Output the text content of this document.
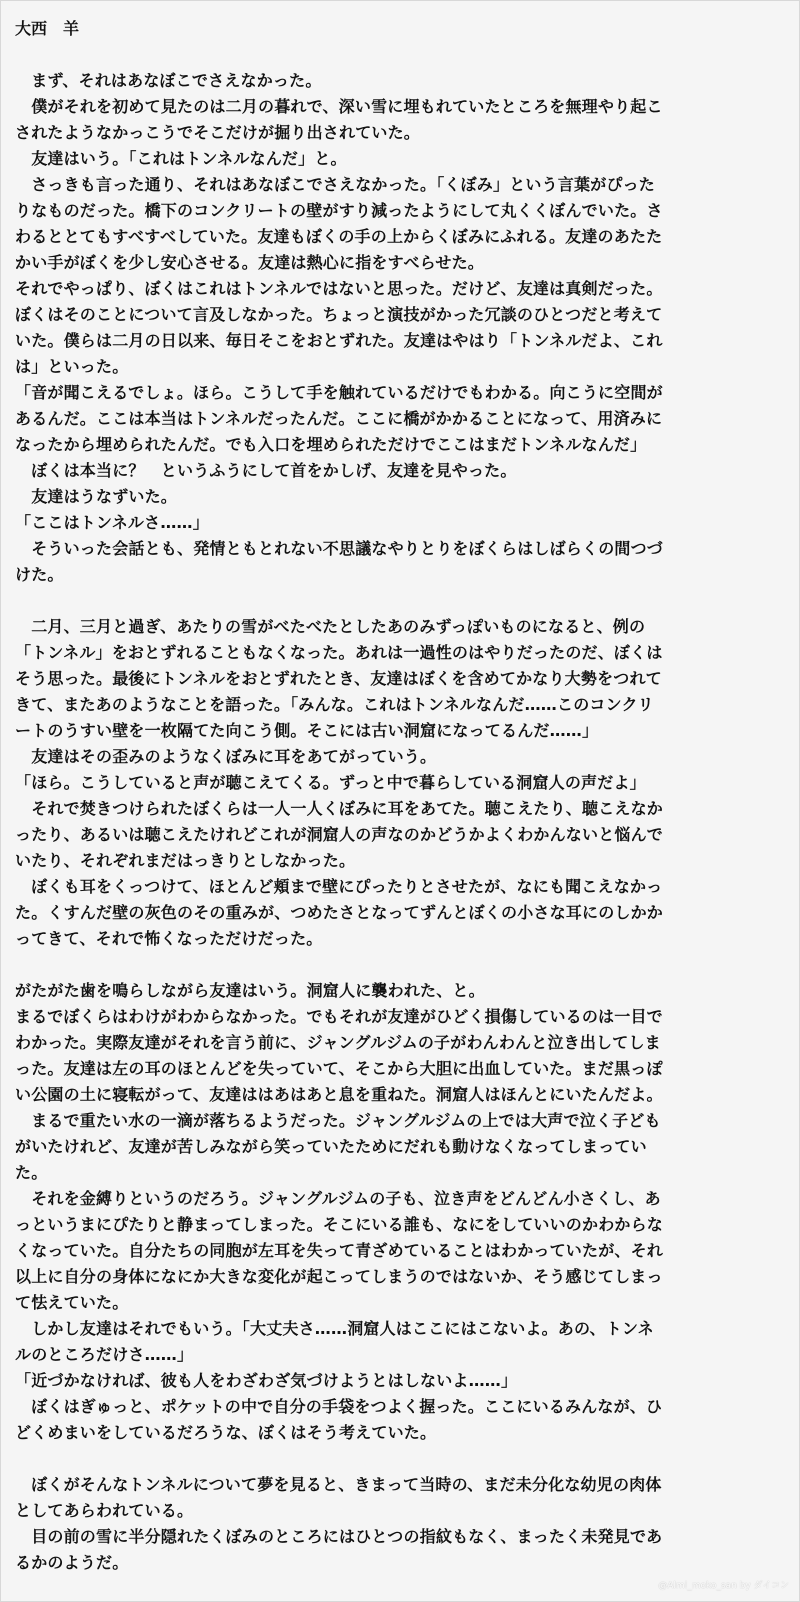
大西　羊
　まず、それはあなぼこでさえなかった。
　僕がそれを初めて見たのは二月の暮れで、深い雪に埋もれていたところを無理やり起こ
されたようなかっこうでそこだけが掘り出されていた。
　友達はいう。「これはトンネルなんだ」と。
　さっきも言った通り、それはあなぼこでさえなかった。「くぼみ」という言葉がぴった
りなものだった。橋下のコンクリートの壁がすり減ったようにして丸くくぼんでいた。さ
わるととてもすべすべしていた。友達もぼくの手の上からくぼみにふれる。友達のあたた
かい手がぼくを少し安心させる。友達は熱心に指をすべらせた。
それでやっぱり、ぼくはこれはトンネルではないと思った。だけど、友達は真剣だった。
ぼくはそのことについて言及しなかった。ちょっと演技がかった冗談のひとつだと考えて
いた。僕らは二月の日以来、毎日そこをおとずれた。友達はやはり「トンネルだよ、これ
は」といった。
「音が聞こえるでしょ。ほら。こうして手を触れているだけでもわかる。向こうに空間が
あるんだ。ここは本当はトンネルだったんだ。ここに橋がかかることになって、用済みに
なったから埋められたんだ。でも入口を埋められただけでここはまだトンネルなんだ」
　ぼくは本当に？　というふうにして首をかしげ、友達を見やった。
　友達はうなずいた。
「ここはトンネルさ……」
　そういった会話とも、発情ともとれない不思議なやりとりをぼくらはしばらくの間つづ
けた。
　二月、三月と過ぎ、あたりの雪がべたべたとしたあのみずっぽいものになると、例の
「トンネル」をおとずれることもなくなった。あれは一過性のはやりだったのだ、ぼくは
そう思った。最後にトンネルをおとずれたとき、友達はぼくを含めてかなり大勢をつれて
きて、またあのようなことを語った。「みんな。これはトンネルなんだ……このコンクリ
ートのうすい壁を一枚隔てた向こう側。そこには古い洞窟になってるんだ……」
　友達はその歪みのようなくぼみに耳をあてがっていう。
「ほら。こうしていると声が聴こえてくる。ずっと中で暮らしている洞窟人の声だよ」
　それで焚きつけられたぼくらは一人一人くぼみに耳をあてた。聴こえたり、聴こえなか
ったり、あるいは聴こえたけれどこれが洞窟人の声なのかどうかよくわかんないと悩んで
いたり、それぞれまだはっきりとしなかった。
　ぼくも耳をくっつけて、ほとんど頬まで壁にぴったりとさせたが、なにも聞こえなかっ
た。くすんだ壁の灰色のその重みが、つめたさとなってずんとぼくの小さな耳にのしかか
ってきて、それで怖くなっただけだった。
がたがた歯を鳴らしながら友達はいう。洞窟人に襲われた、と。
まるでぼくらはわけがわからなかった。でもそれが友達がひどく損傷しているのは一目で
わかった。実際友達がそれを言う前に、ジャングルジムの子がわんわんと泣き出してしま
った。友達は左の耳のほとんどを失っていて、そこから大胆に出血していた。まだ黒っぽ
い公園の土に寝転がって、友達ははあはあと息を重ねた。洞窟人はほんとにいたんだよ。
　まるで重たい水の一滴が落ちるようだった。ジャングルジムの上では大声で泣く子ども
がいたけれど、友達が苦しみながら笑っていたためにだれも動けなくなってしまってい
た。
　それを金縛りというのだろう。ジャングルジムの子も、泣き声をどんどん小さくし、あ
っというまにぴたりと静まってしまった。そこにいる誰も、なにをしていいのかわからな
くなっていた。自分たちの同胞が左耳を失って青ざめていることはわかっていたが、それ
以上に自分の身体になにか大きな変化が起こってしまうのではないか、そう感じてしまっ
て怯えていた。
　しかし友達はそれでもいう。「大丈夫さ……洞窟人はここにはこないよ。あの、トンネ
ルのところだけさ……」
「近づかなければ、彼も人をわざわざ気づけようとはしないよ……」
　ぼくはぎゅっと、ポケットの中で自分の手袋をつよく握った。ここにいるみんなが、ひ
どくめまいをしているだろうな、ぼくはそう考えていた。
　ぼくがそんなトンネルについて夢を見ると、きまって当時の、まだ未分化な幼児の肉体
としてあらわれている。
　目の前の雪に半分隠れたくぼみのところにはひとつの指紋もなく、まったく未発見であ
るかのようだ。
@Alml_moko_san by ダイコン
